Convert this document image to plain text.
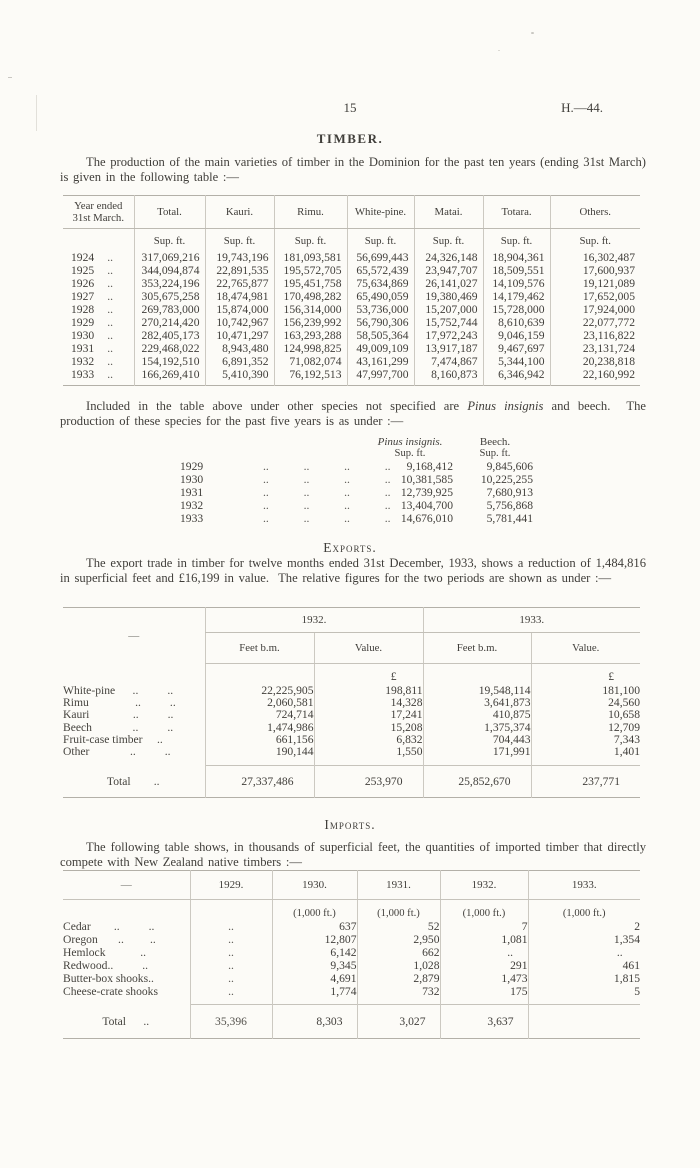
15	H.—44.
TIMBER.

The production of the main varieties of timber in the Dominion for the past ten years (ending 31st March) is given in the following table :—

Year ended
31st March.	Total.	Kauri.	Rimu.	White-pine.	Matai.	Totara.	Others.
	Sup. ft.	Sup. ft.	Sup. ft.	Sup. ft.	Sup. ft.	Sup. ft.	Sup. ft.
1924 ..	317,069,216	19,743,196	181,093,581	56,699,443	24,326,148	18,904,361	16,302,487
1925 ..	344,094,874	22,891,535	195,572,705	65,572,439	23,947,707	18,509,551	17,600,937
1926 ..	353,224,196	22,765,877	195,451,758	75,634,869	26,141,027	14,109,576	19,121,089
1927 ..	305,675,258	18,474,981	170,498,282	65,490,059	19,380,469	14,179,462	17,652,005
1928 ..	269,783,000	15,874,000	156,314,000	53,736,000	15,207,000	15,728,000	17,924,000
1929 ..	270,214,420	10,742,967	156,239,992	56,790,306	15,752,744	8,610,639	22,077,772
1930 ..	282,405,173	10,471,297	163,293,288	58,505,364	17,972,243	9,046,159	23,116,822
1931 ..	229,468,022	8,943,480	124,998,825	49,009,109	13,917,187	9,467,697	23,131,724
1932 ..	154,192,510	6,891,352	71,082,074	43,161,299	7,474,867	5,344,100	20,238,818
1933 ..	166,269,410	5,410,390	76,192,513	47,997,700	8,160,873	6,346,942	22,160,992

Included in the table above under other species not specified are Pinus insignis and beech.  The production of these species for the past five years is as under :—

		Pinus insignis.	Beech.
		Sup. ft.	Sup. ft.
1929	..            ..            ..            ..	9,168,412	9,845,606
1930	..            ..            ..            ..	10,381,585	10,225,255
1931	..            ..            ..            ..	12,739,925	7,680,913
1932	..            ..            ..            ..	13,404,700	5,756,868
1933	..            ..            ..            ..	14,676,010	5,781,441
Exports.

The export trade in timber for twelve months ended 31st December, 1933, shows a reduction of 1,484,816 in superficial feet and £16,199 in value.  The relative figures for the two periods are shown as under :—

—	1932.		1933.	
	Feet b.m.	Value.	Feet b.m.	Value.
		£		£
White-pine      ..          ..	22,225,905	198,811	19,548,114	181,100
Rimu                ..          ..	2,060,581	14,328	3,641,873	24,560
Kauri               ..          ..	724,714	17,241	410,875	10,658
Beech              ..          ..	1,474,986	15,208	1,375,374	12,709
Fruit-case timber     ..	661,156	6,832	704,443	7,343
Other              ..          ..	190,144	1,550	171,991	1,401
Total        ..	27,337,486	253,970	25,852,670	237,771
Imports.

The following table shows, in thousands of superficial feet, the quantities of imported timber that directly compete with New Zealand native timbers :—

—	1929.	1930.	1931.	1932.	1933.
		(1,000 ft.)	(1,000 ft.)	(1,000 ft.)	(1,000 ft.)
Cedar        ..          ..	..	637	52	7	2
Oregon       ..         ..	..	12,807	2,950	1,081	1,354
Hemlock            ..	..	6,142	662	..	..
Redwood..          ..	..	9,345	1,028	291	461
Butter-box shooks..	..	4,691	2,879	1,473	1,815
Cheese-crate shooks	..	1,774	732	175	5
Total      ..	35,396	8,303	3,027	3,637	
